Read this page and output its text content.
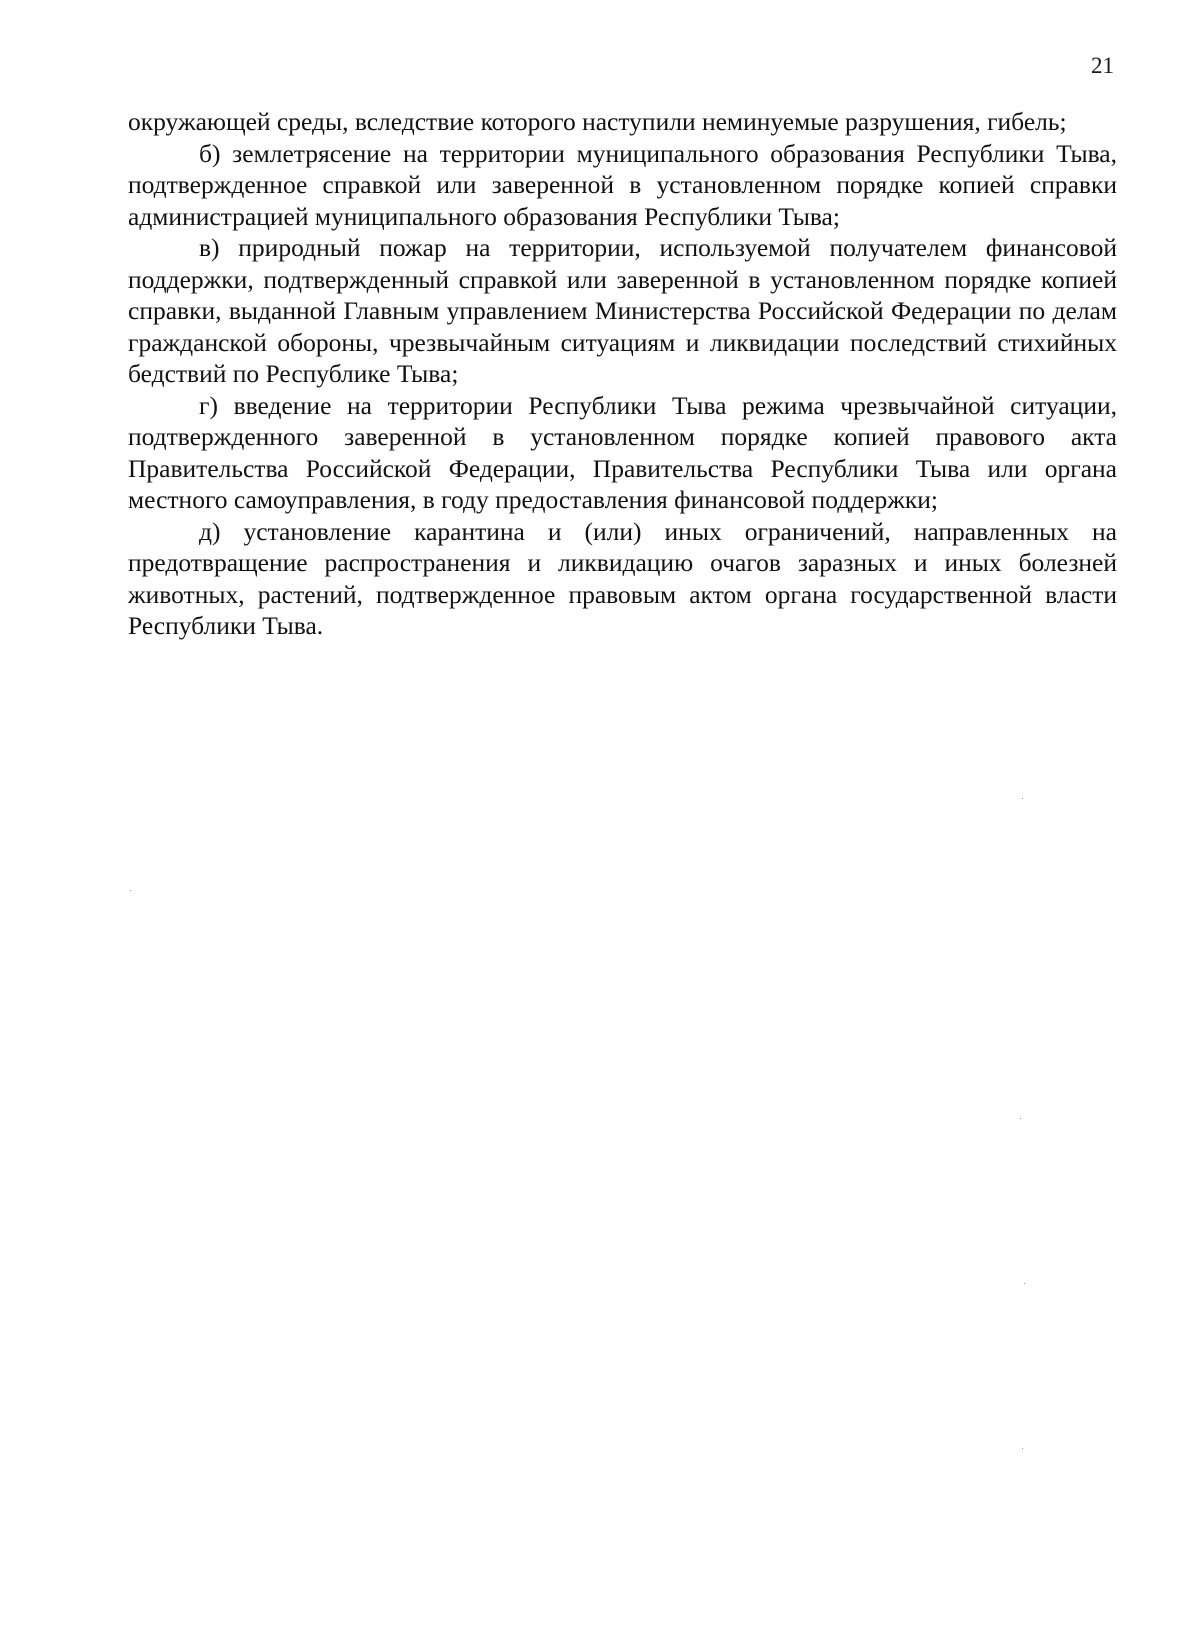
21

окружающей среды, вследствие которого наступили неминуемые разрушения, гибель;

б) землетрясение на территории муниципального образования Республики Тыва, подтвержденное справкой или заверенной в установленном порядке копией справки администрацией муниципального образования Республики Тыва;

в) природный пожар на территории, используемой получателем финансовой поддержки, подтвержденный справкой или заверенной в установленном порядке копией справки, выданной Главным управлением Министерства Российской Федерации по делам гражданской обороны, чрезвычайным ситуациям и ликвидации последствий стихийных бедствий по Республике Тыва;

г) введение на территории Республики Тыва режима чрезвычайной ситуации, подтвержденного заверенной в установленном порядке копией правового акта Правительства Российской Федерации, Правительства Республики Тыва или органа местного самоуправления, в году предоставления финансовой поддержки;

д) установление карантина и (или) иных ограничений, направленных на предотвращение распространения и ликвидацию очагов заразных и иных болезней животных, растений, подтвержденное правовым актом органа государственной власти Республики Тыва.
